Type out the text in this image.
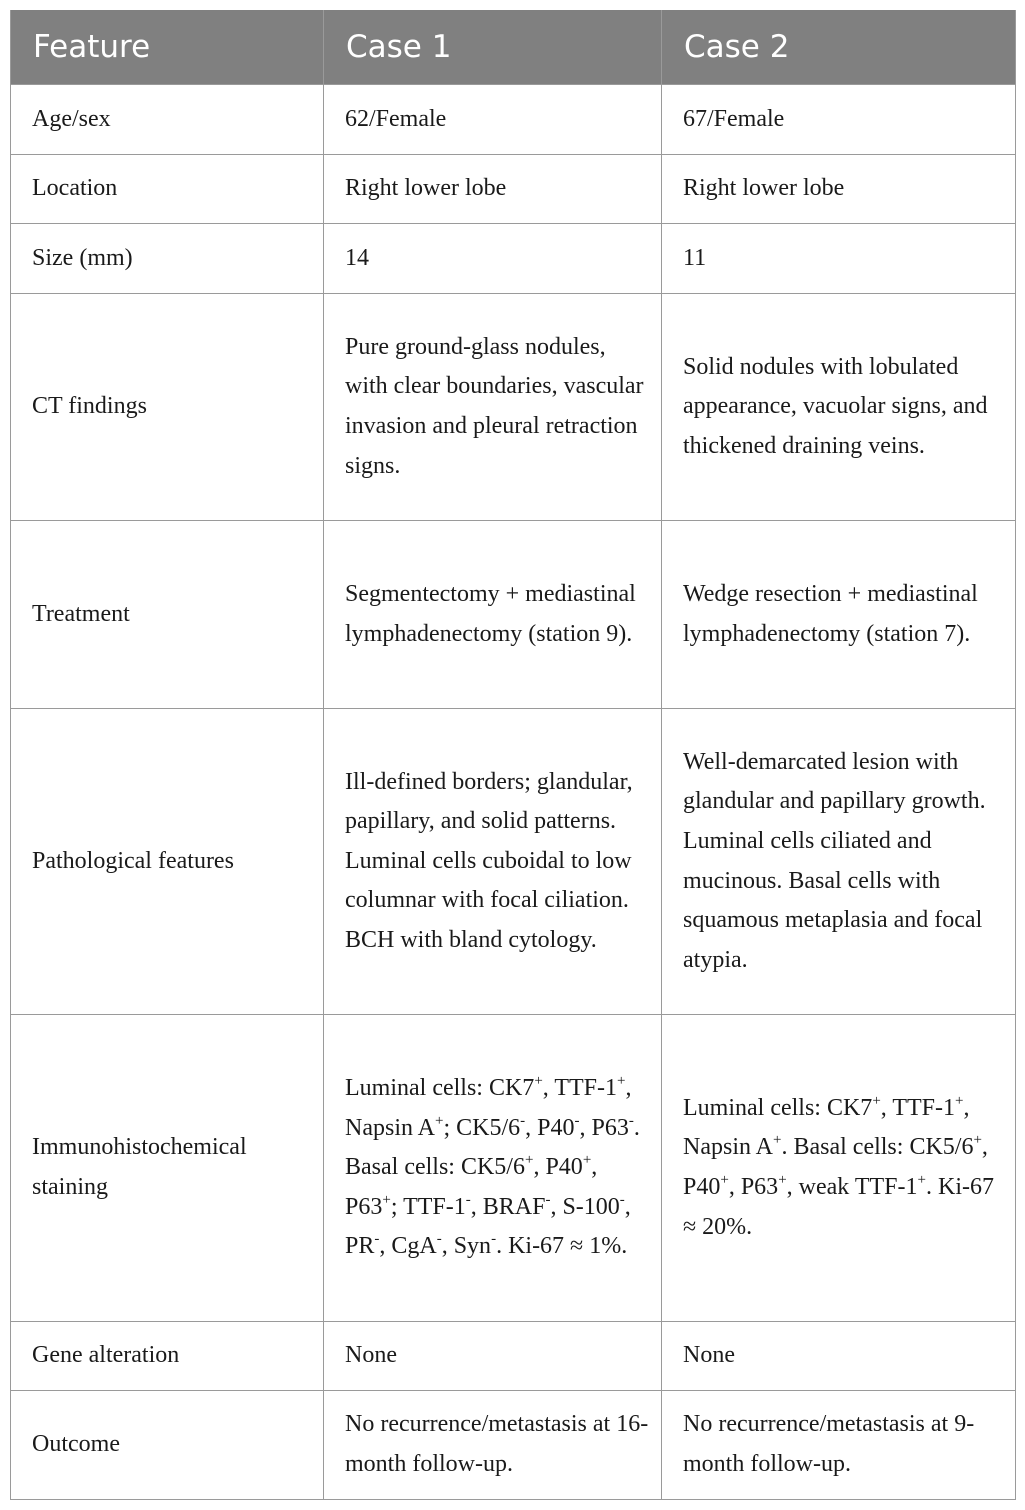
Feature	Case 1	Case 2
Age/sex	62/Female	67/Female
Location	Right lower lobe	Right lower lobe
Size (mm)	14	11
CT findings	Pure ground-glass nodules, with clear boundaries, vascular invasion and pleural retraction signs.	Solid nodules with lobulated appearance, vacuolar signs, and thickened draining veins.
Treatment	Segmentectomy + mediastinal lymphadenectomy (station 9).	Wedge resection + mediastinal lymphadenectomy (station 7).
Pathological features	Ill-defined borders; glandular, papillary, and solid patterns. Luminal cells cuboidal to low columnar with focal ciliation. BCH with bland cytology.	Well-demarcated lesion with glandular and papillary growth. Luminal cells ciliated and mucinous. Basal cells with squamous metaplasia and focal atypia.
Immunohistochemical staining	Luminal cells: CK7+, TTF-1+, Napsin A+; CK5/6-, P40-, P63-. Basal cells: CK5/6+, P40+, P63+; TTF-1-, BRAF-, S-100-, PR-, CgA-, Syn-. Ki-67 ≈ 1%.	Luminal cells: CK7+, TTF-1+, Napsin A+. Basal cells: CK5/6+, P40+, P63+, weak TTF-1+. Ki-67 ≈ 20%.
Gene alteration	None	None
Outcome	No recurrence/metastasis at 16-month follow-up.	No recurrence/metastasis at 9-month follow-up.
